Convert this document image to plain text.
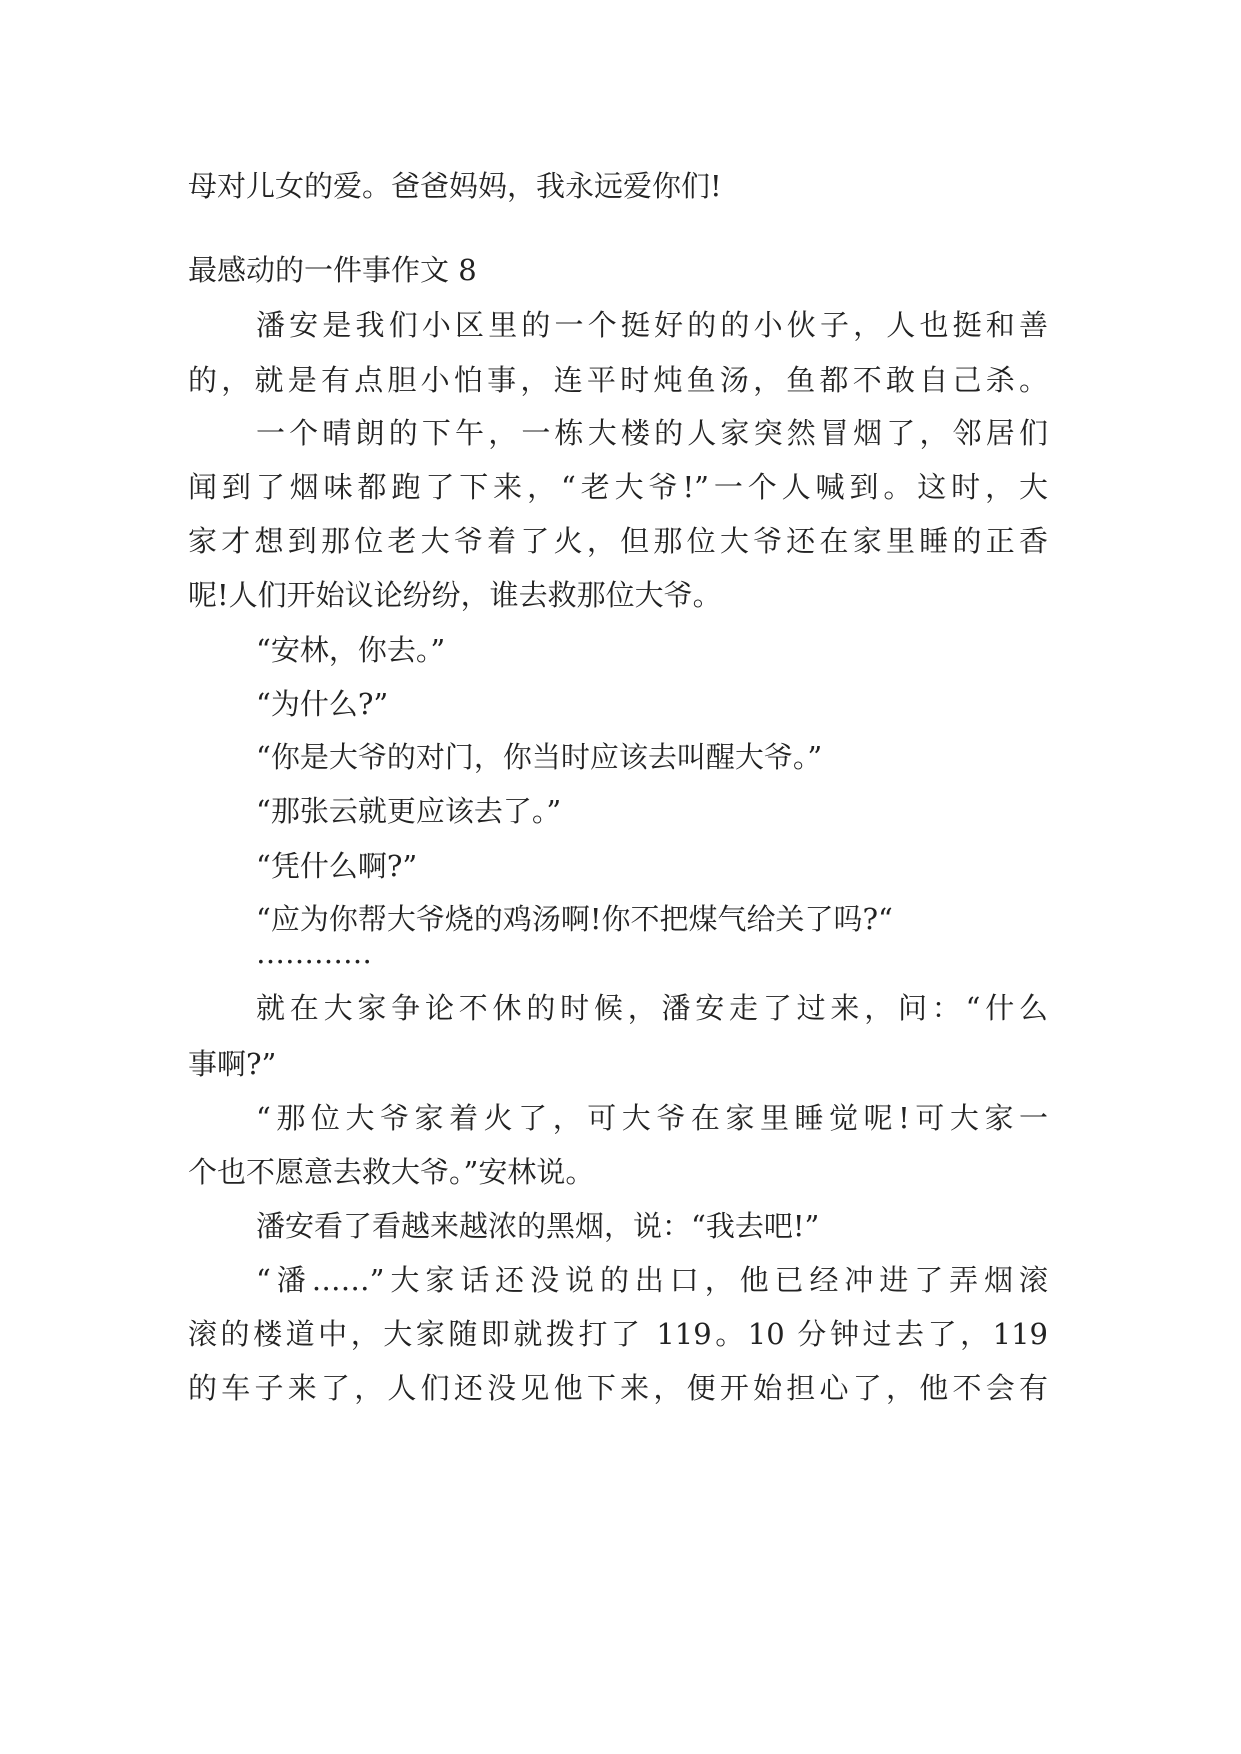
母对儿女的爱。爸爸妈妈，我永远爱你们!
最感动的一件事作文 8
潘安是我们小区里的一个挺好的的小伙子，人也挺和善
的，就是有点胆小怕事，连平时炖鱼汤，鱼都不敢自己杀。
一个晴朗的下午，一栋大楼的人家突然冒烟了，邻居们
闻到了烟味都跑了下来，“老大爷!”一个人喊到。这时，大
家才想到那位老大爷着了火，但那位大爷还在家里睡的正香
呢!人们开始议论纷纷，谁去救那位大爷。
“安林，你去。”
“为什么?”
“你是大爷的对门，你当时应该去叫醒大爷。”
“那张云就更应该去了。”
“凭什么啊?”
“应为你帮大爷烧的鸡汤啊!你不把煤气给关了吗?“
…………
就在大家争论不休的时候，潘安走了过来，问：“什么
事啊?”
“那位大爷家着火了，可大爷在家里睡觉呢!可大家一
个也不愿意去救大爷。”安林说。
潘安看了看越来越浓的黑烟，说：“我去吧!”
“潘……”大家话还没说的出口，他已经冲进了弄烟滚
滚的楼道中，大家随即就拨打了 119。10 分钟过去了，119
的车子来了，人们还没见他下来，便开始担心了，他不会有
